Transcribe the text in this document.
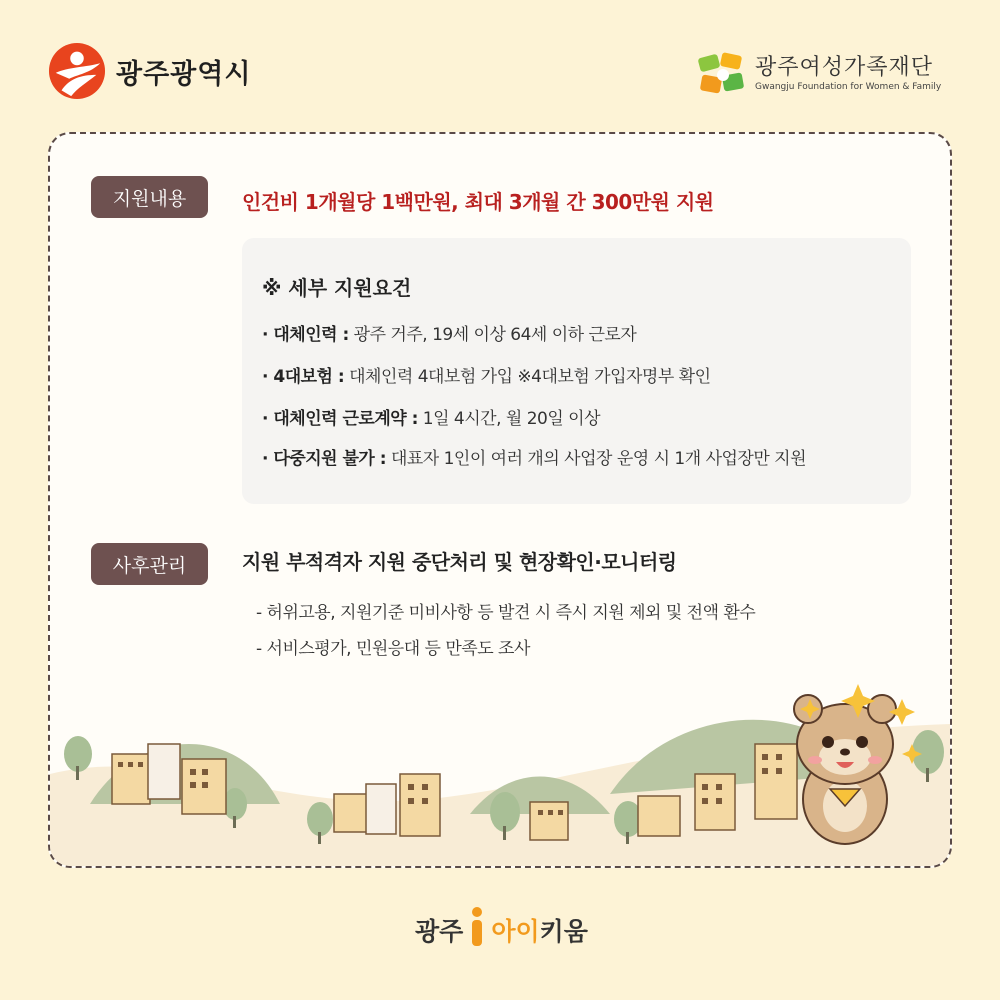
광주광역시	광주여성가족재단
Gwangju Foundation for Women & Family
지원내용	인건비 1개월당 1백만원, 최대 3개월 간 300만원 지원
※ 세부 지원요건
· 대체인력 : 광주 거주, 19세 이상 64세 이하 근로자
· 4대보험 : 대체인력 4대보험 가입 ※4대보험 가입자명부 확인
· 대체인력 근로계약 : 1일 4시간, 월 20일 이상
· 다중지원 불가 : 대표자 1인이 여러 개의 사업장 운영 시 1개 사업장만 지원
사후관리	지원 부적격자 지원 중단처리 및 현장확인·모니터링
- 허위고용, 지원기준 미비사항 등 발견 시 즉시 지원 제외 및 전액 환수
- 서비스평가, 민원응대 등 만족도 조사
광주 아이 키움
